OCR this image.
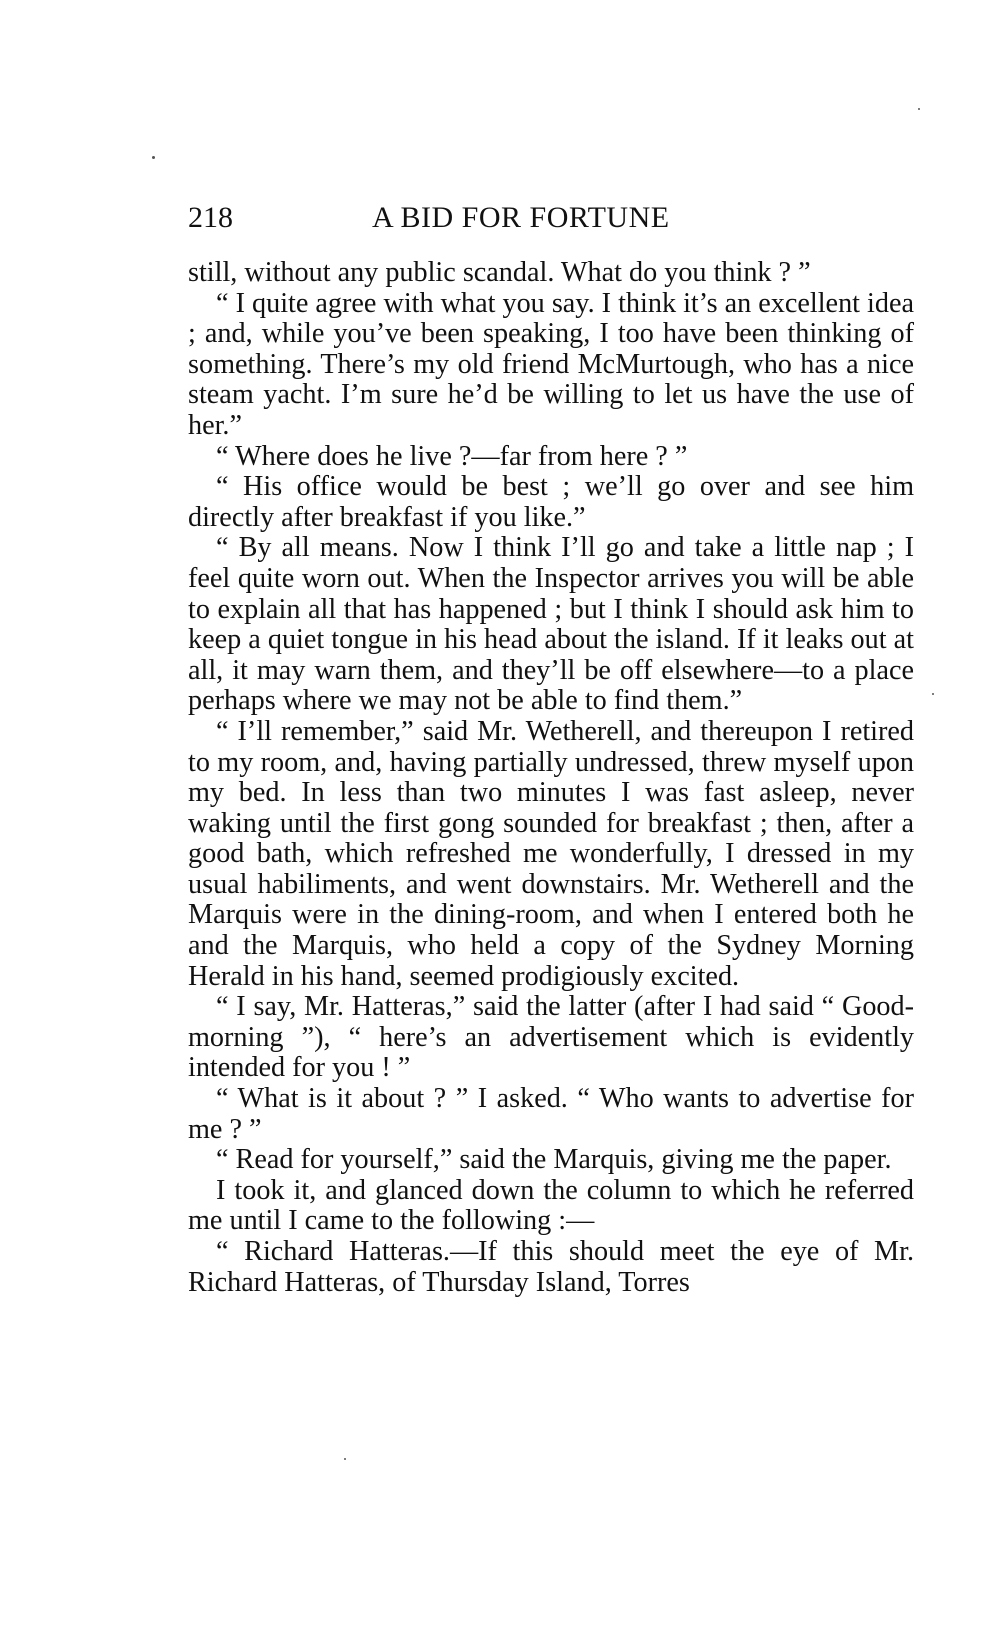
218	A BID FOR FORTUNE

still, without any public scandal. What do you think ? ”

“ I quite agree with what you say. I think it’s an excellent idea ; and, while you’ve been speaking, I too have been thinking of something. There’s my old friend McMurtough, who has a nice steam yacht. I’m sure he’d be willing to let us have the use of her.”

“ Where does he live ?—far from here ? ”

“ His office would be best ; we’ll go over and see him directly after breakfast if you like.”

“ By all means. Now I think I’ll go and take a little nap ; I feel quite worn out. When the Inspector arrives you will be able to explain all that has happened ; but I think I should ask him to keep a quiet tongue in his head about the island. If it leaks out at all, it may warn them, and they’ll be off elsewhere—to a place perhaps where we may not be able to find them.”

“ I’ll remember,” said Mr. Wetherell, and thereupon I retired to my room, and, having partially undressed, threw myself upon my bed. In less than two minutes I was fast asleep, never waking until the first gong sounded for breakfast ; then, after a good bath, which refreshed me wonderfully, I dressed in my usual habiliments, and went downstairs. Mr. Wetherell and the Marquis were in the dining-room, and when I entered both he and the Marquis, who held a copy of the Sydney Morning Herald in his hand, seemed prodigiously excited.

“ I say, Mr. Hatteras,” said the latter (after I had said “ Good-morning ”), “ here’s an advertisement which is evidently intended for you ! ”

“ What is it about ? ” I asked. “ Who wants to advertise for me ? ”

“ Read for yourself,” said the Marquis, giving me the paper.

I took it, and glanced down the column to which he referred me until I came to the following :—

“ Richard Hatteras.—If this should meet the eye of Mr. Richard Hatteras, of Thursday Island, Torres
